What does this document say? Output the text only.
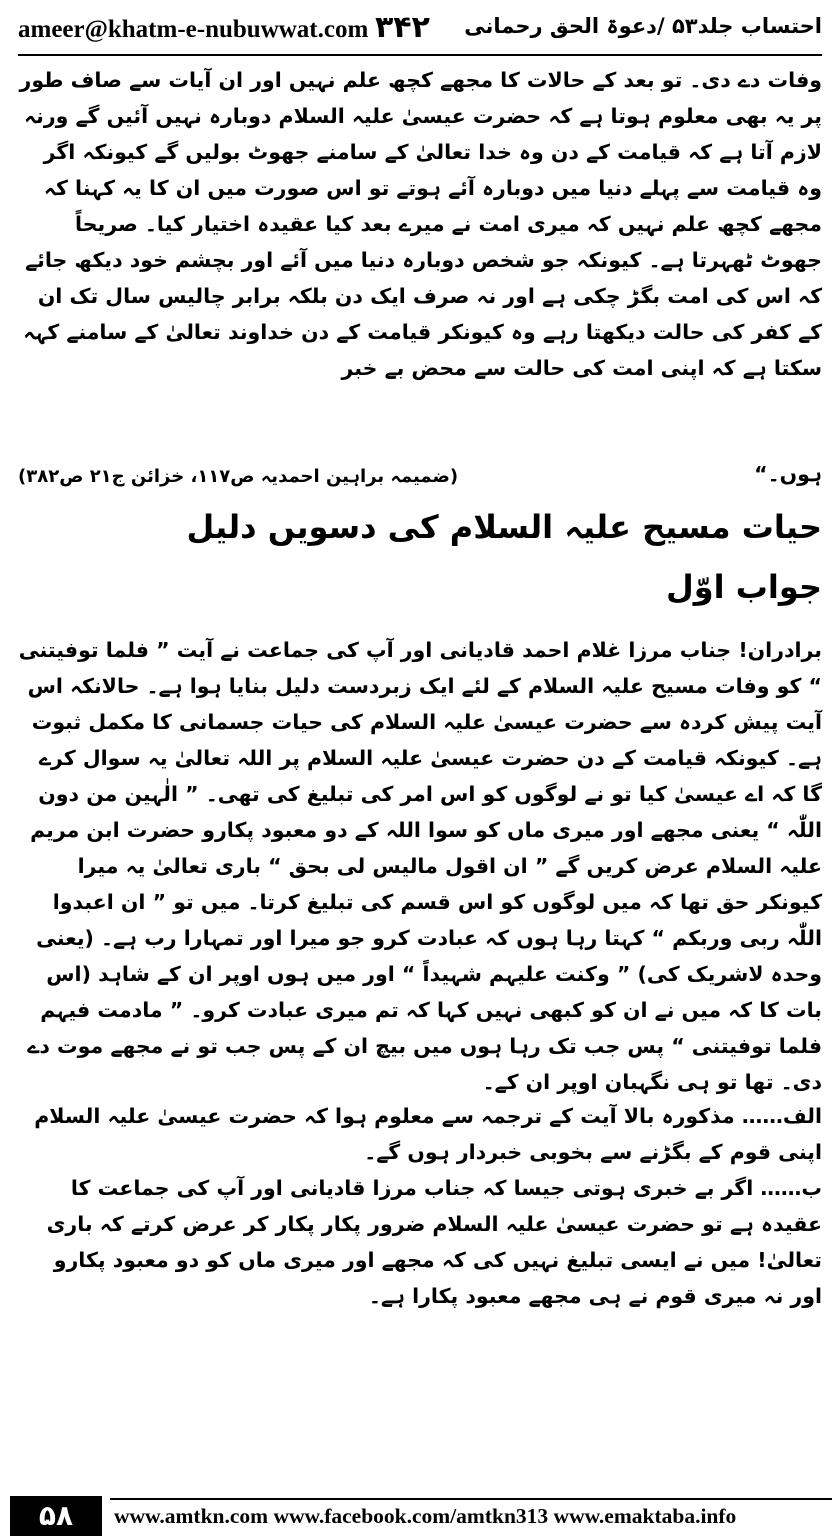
ameer@khatm-e-nubuwwat.com ۳۴۲ احتساب جلد۵۳ /دعوۃ الحق رحمانی
وفات دے دی۔ تو بعد کے حالات کا مجھے کچھ علم نہیں اور ان آیات سے صاف طور پر یہ بھی معلوم ہوتا ہے کہ حضرت عیسیٰ علیہ السلام دوبارہ نہیں آئیں گے ورنہ لازم آتا ہے کہ قیامت کے دن وہ خدا تعالیٰ کے سامنے جھوٹ بولیں گے کیونکہ اگر وہ قیامت سے پہلے دنیا میں دوبارہ آئے ہوتے تو اس صورت میں ان کا یہ کہنا کہ مجھے کچھ علم نہیں کہ میری امت نے میرے بعد کیا عقیدہ اختیار کیا۔ صریحاً جھوٹ ٹھہرتا ہے۔ کیونکہ جو شخص دوبارہ دنیا میں آئے اور بچشم خود دیکھ جائے کہ اس کی امت بگڑ چکی ہے اور نہ صرف ایک دن بلکہ برابر چالیس سال تک ان کے کفر کی حالت دیکھتا رہے وہ کیونکر قیامت کے دن خداوند تعالیٰ کے سامنے کہہ سکتا ہے کہ اپنی امت کی حالت سے محض بے خبر
ہوں۔“
(ضمیمہ براہین احمدیہ ص۱۱۷، خزائن ج۲۱ ص۳۸۲)
حیات مسیح علیہ السلام کی دسویں دلیل
جواب اوّل
برادران! جناب مرزا غلام احمد قادیانی اور آپ کی جماعت نے آیت ” فلما توفیتنی “ کو وفات مسیح علیہ السلام کے لئے ایک زبردست دلیل بنایا ہوا ہے۔ حالانکہ اس آیت پیش کردہ سے حضرت عیسیٰ علیہ السلام کی حیات جسمانی کا مکمل ثبوت ہے۔ کیونکہ قیامت کے دن حضرت عیسیٰ علیہ السلام پر اللہ تعالیٰ یہ سوال کرے گا کہ اے عیسیٰ کیا تو نے لوگوں کو اس امر کی تبلیغ کی تھی۔ ” الٰہین من دون اللّٰہ “ یعنی مجھے اور میری ماں کو سوا اللہ کے دو معبود پکارو حضرت ابن مریم علیہ السلام عرض کریں گے ” ان اقول مالیس لی بحق “ باری تعالیٰ یہ میرا کیونکر حق تھا کہ میں لوگوں کو اس قسم کی تبلیغ کرتا۔ میں تو ” ان اعبدوا اللّٰہ ربی وربکم “ کہتا رہا ہوں کہ عبادت کرو جو میرا اور تمہارا رب ہے۔ (یعنی وحدہ لاشریک کی) ” وکنت علیہم شہیداً “ اور میں ہوں اوپر ان کے شاہد (اس بات کا کہ میں نے ان کو کبھی نہیں کہا کہ تم میری عبادت کرو۔ ” مادمت فیہم فلما توفیتنی “ پس جب تک رہا ہوں میں بیچ ان کے پس جب تو نے مجھے موت دے دی۔ تھا تو ہی نگہبان اوپر ان کے۔
الف…… مذکورہ بالا آیت کے ترجمہ سے معلوم ہوا کہ حضرت عیسیٰ علیہ السلام اپنی قوم کے بگڑنے سے بخوبی خبردار ہوں گے۔
ب…… اگر بے خبری ہوتی جیسا کہ جناب مرزا قادیانی اور آپ کی جماعت کا عقیدہ ہے تو حضرت عیسیٰ علیہ السلام ضرور پکار پکار کر عرض کرتے کہ باری تعالیٰ! میں نے ایسی تبلیغ نہیں کی کہ مجھے اور میری ماں کو دو معبود پکارو اور نہ میری قوم نے ہی مجھے معبود پکارا ہے۔
۵۸	www.amtkn.com www.facebook.com/amtkn313 www.emaktaba.info
